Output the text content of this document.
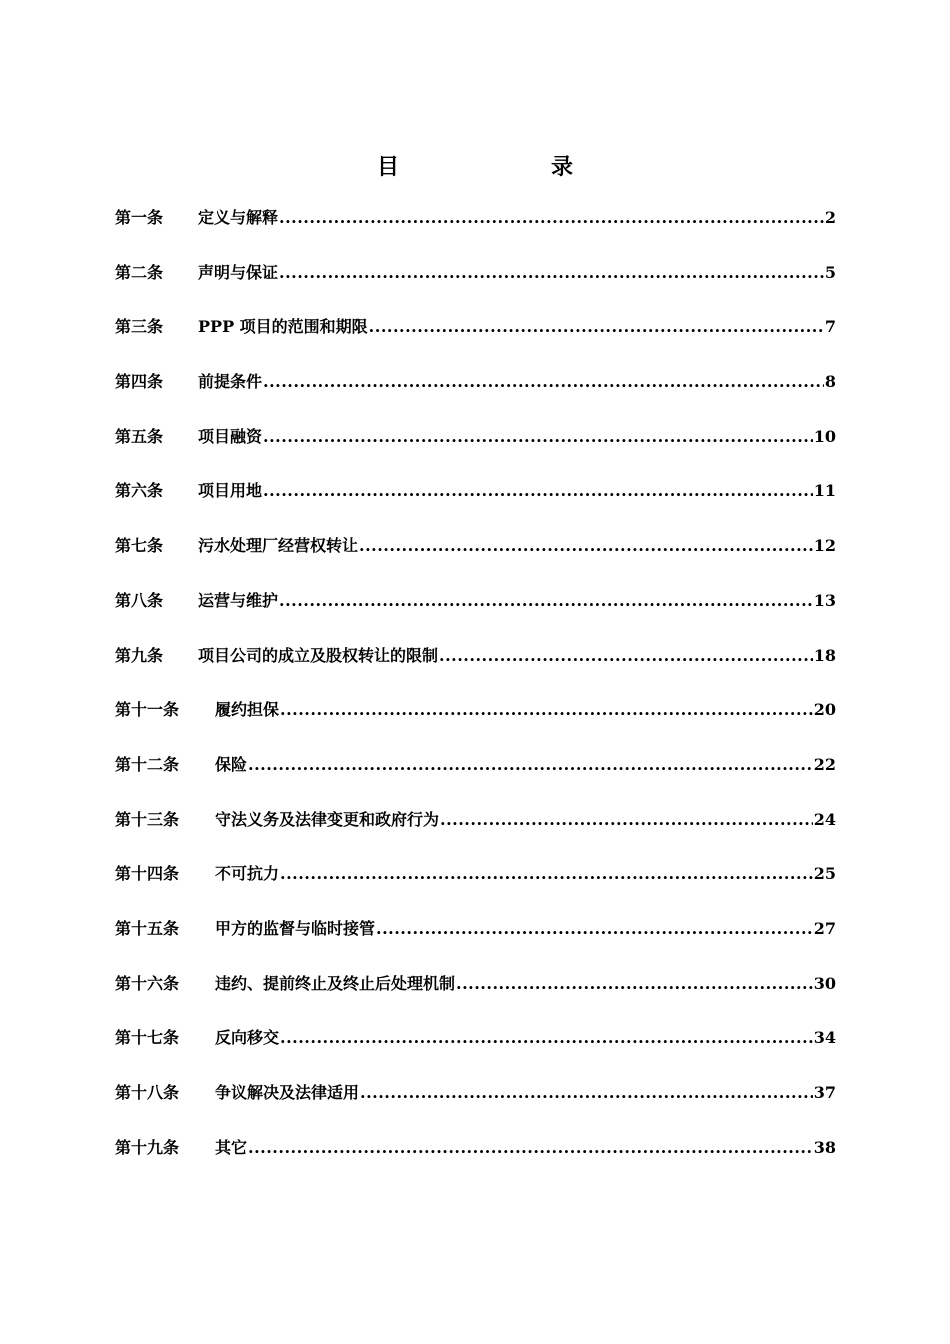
目　　录
第一条	定义与解释 .....	2
第二条	声明与保证 .....	5
第三条	PPP 项目的范围和期限 .....	7
第四条	前提条件 .....	8
第五条	项目融资 .....	10
第六条	项目用地 .....	11
第七条	污水处理厂经营权转让 .....	12
第八条	运营与维护 .....	13
第九条	项目公司的成立及股权转让的限制 .....	18
第十一条	履约担保 .....	20
第十二条	保险 .....	22
第十三条	守法义务及法律变更和政府行为 .....	24
第十四条	不可抗力 .....	25
第十五条	甲方的监督与临时接管 .....	27
第十六条	违约、提前终止及终止后处理机制 .....	30
第十七条	反向移交 .....	34
第十八条	争议解决及法律适用 .....	37
第十九条	其它 .....	38
